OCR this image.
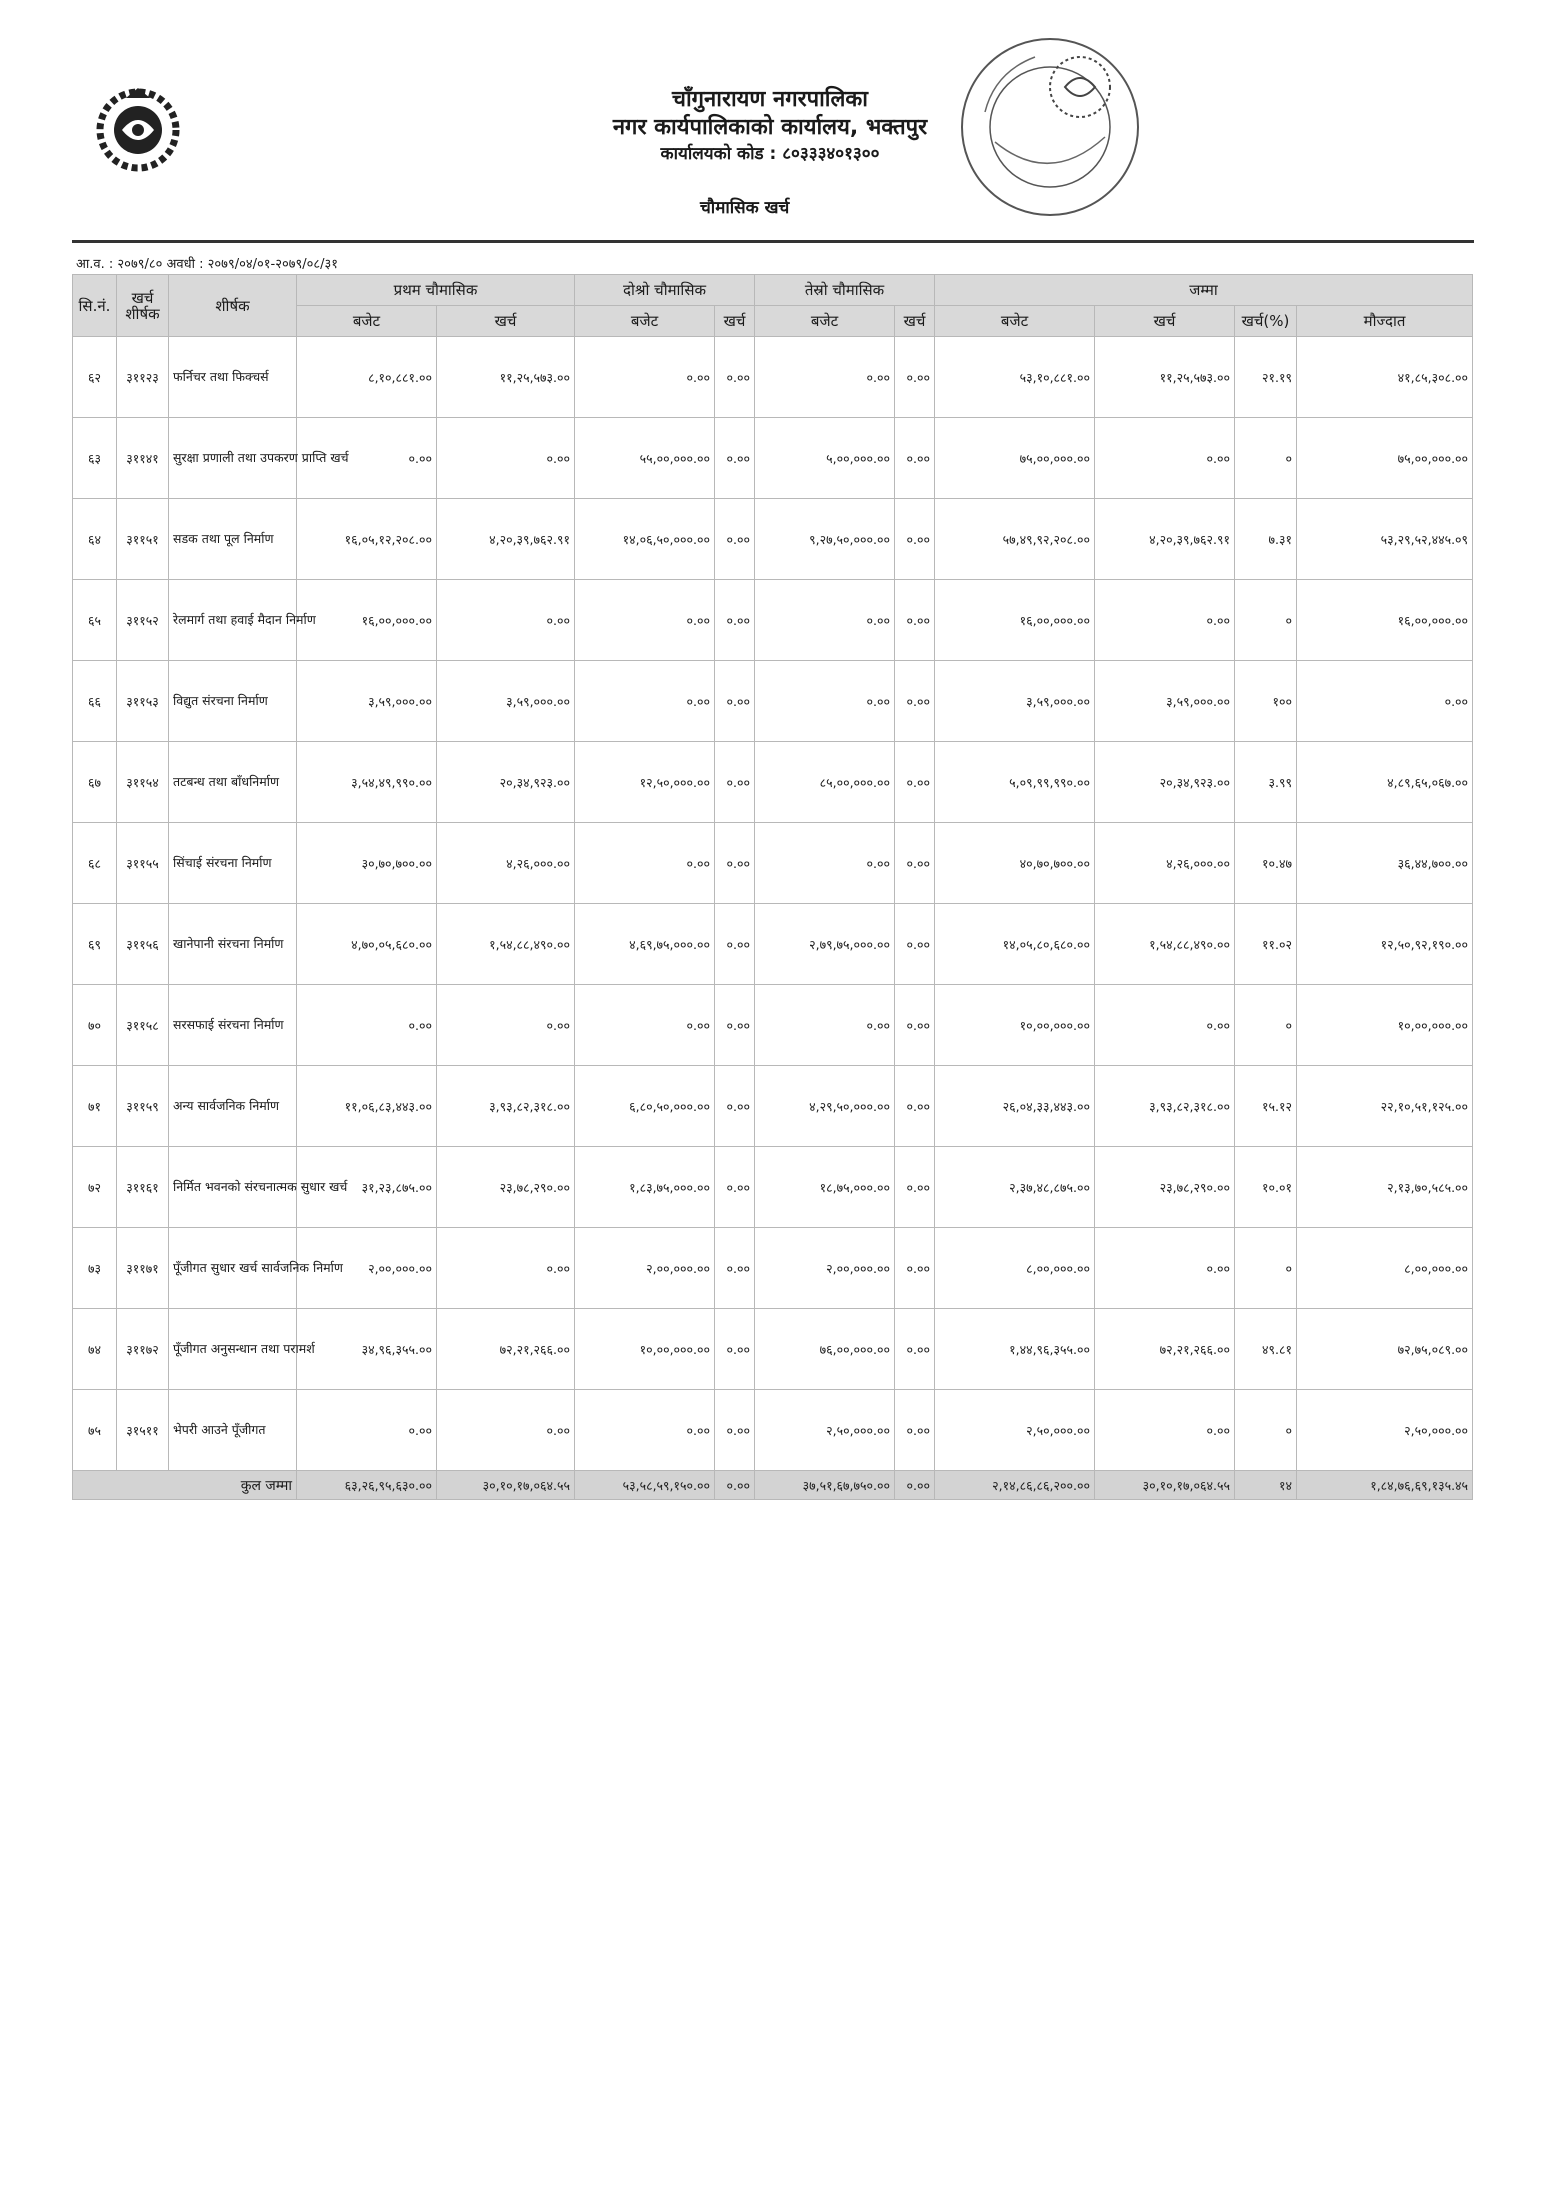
चाँगुनारायण नगरपालिका
नगर कार्यपालिकाको कार्यालय, भक्तपुर
कार्यालयको कोड : ८०३३३४०१३००
चौमासिक खर्च
आ.व. : २०७९/८० अवधी : २०७९/०४/०१-२०७९/०८/३१
सि.नं.	खर्च शीर्षक	शीर्षक	प्रथम चौमासिक		दोश्रो चौमासिक		तेस्रो चौमासिक		जम्मा			
			बजेट	खर्च	बजेट	खर्च	बजेट	खर्च	बजेट	खर्च	खर्च(%)	मौज्दात
६२	३११२३	फर्निचर तथा फिक्चर्स	८,१०,८८१.००	११,२५,५७३.००	०.००	०.००	०.००	०.००	५३,१०,८८१.००	११,२५,५७३.००	२१.१९	४१,८५,३०८.००
६३	३११४१	सुरक्षा प्रणाली तथा उपकरण प्राप्ति खर्च	०.००	०.००	५५,००,०००.००	०.००	५,००,०००.००	०.००	७५,००,०००.००	०.००	०	७५,००,०००.००
६४	३११५१	सडक तथा पूल निर्माण	१६,०५,१२,२०८.००	४,२०,३९,७६२.९१	१४,०६,५०,०००.००	०.००	९,२७,५०,०००.००	०.००	५७,४९,९२,२०८.००	४,२०,३९,७६२.९१	७.३१	५३,२९,५२,४४५.०९
६५	३११५२	रेलमार्ग तथा हवाई मैदान निर्माण	१६,००,०००.००	०.००	०.००	०.००	०.००	०.००	१६,००,०००.००	०.००	०	१६,००,०००.००
६६	३११५३	विद्युत संरचना निर्माण	३,५९,०००.००	३,५९,०००.००	०.००	०.००	०.००	०.००	३,५९,०००.००	३,५९,०००.००	१००	०.००
६७	३११५४	तटबन्ध तथा बाँधनिर्माण	३,५४,४९,९९०.००	२०,३४,९२३.००	१२,५०,०००.००	०.००	८५,००,०००.००	०.००	५,०९,९९,९९०.००	२०,३४,९२३.००	३.९९	४,८९,६५,०६७.००
६८	३११५५	सिंचाई संरचना निर्माण	३०,७०,७००.००	४,२६,०००.००	०.००	०.००	०.००	०.००	४०,७०,७००.००	४,२६,०००.००	१०.४७	३६,४४,७००.००
६९	३११५६	खानेपानी संरचना निर्माण	४,७०,०५,६८०.००	१,५४,८८,४९०.००	४,६९,७५,०००.००	०.००	२,७९,७५,०००.००	०.००	१४,०५,८०,६८०.००	१,५४,८८,४९०.००	११.०२	१२,५०,९२,१९०.००
७०	३११५८	सरसफाई संरचना निर्माण	०.००	०.००	०.००	०.००	०.००	०.००	१०,००,०००.००	०.००	०	१०,००,०००.००
७१	३११५९	अन्य सार्वजनिक निर्माण	११,०६,८३,४४३.००	३,९३,८२,३१८.००	६,८०,५०,०००.००	०.००	४,२९,५०,०००.००	०.००	२६,०४,३३,४४३.००	३,९३,८२,३१८.००	१५.१२	२२,१०,५१,१२५.००
७२	३११६१	निर्मित भवनको संरचनात्मक सुधार खर्च	३१,२३,८७५.००	२३,७८,२९०.००	१,८३,७५,०००.००	०.००	१८,७५,०००.००	०.००	२,३७,४८,८७५.००	२३,७८,२९०.००	१०.०१	२,१३,७०,५८५.००
७३	३११७१	पूँजीगत सुधार खर्च सार्वजनिक निर्माण	२,००,०००.००	०.००	२,००,०००.००	०.००	२,००,०००.००	०.००	८,००,०००.००	०.००	०	८,००,०००.००
७४	३११७२	पूँजीगत अनुसन्धान तथा परामर्श	३४,९६,३५५.००	७२,२१,२६६.००	१०,००,०००.००	०.००	७६,००,०००.००	०.००	१,४४,९६,३५५.००	७२,२१,२६६.००	४९.८१	७२,७५,०८९.००
७५	३१५११	भेपरी आउने पूँजीगत	०.००	०.००	०.००	०.००	२,५०,०००.००	०.००	२,५०,०००.००	०.००	०	२,५०,०००.००
कुल जम्मा			६३,२६,९५,६३०.००	३०,१०,१७,०६४.५५	५३,५८,५९,१५०.००	०.००	३७,५१,६७,७५०.००	०.००	२,१४,८६,८६,२००.००	३०,१०,१७,०६४.५५	१४	१,८४,७६,६९,१३५.४५
